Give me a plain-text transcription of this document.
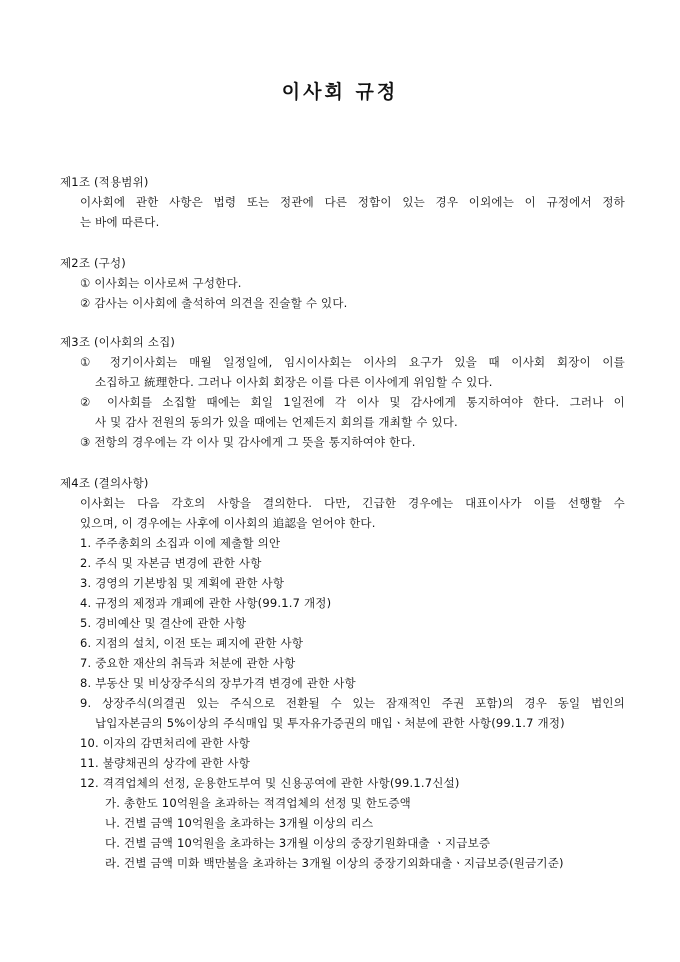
이사회 규정
제1조 (적용범위)
이사회에 관한 사항은 법령 또는 정관에 다른 정함이 있는 경우 이외에는 이 규정에서 정하
는 바에 따른다.
제2조 (구성)
① 이사회는 이사로써 구성한다.
② 감사는 이사회에 출석하여 의견을 진술할 수 있다.
제3조 (이사회의 소집)
① 정기이사회는 매월 일정일에, 임시이사회는 이사의 요구가 있을 때 이사회 회장이 이를
소집하고 統理한다. 그러나 이사회 회장은 이를 다른 이사에게 위임할 수 있다.
② 이사회를 소집할 때에는 회일 1일전에 각 이사 및 감사에게 통지하여야 한다. 그러나 이
사 및 감사 전원의 동의가 있을 때에는 언제든지 회의를 개최할 수 있다.
③ 전항의 경우에는 각 이사 및 감사에게 그 뜻을 통지하여야 한다.
제4조 (결의사항)
이사회는 다음 각호의 사항을 결의한다. 다만, 긴급한 경우에는 대표이사가 이를 선행할 수
있으며, 이 경우에는 사후에 이사회의 追認을 얻어야 한다.
1. 주주총회의 소집과 이에 제출할 의안
2. 주식 및 자본금 변경에 관한 사항
3. 경영의 기본방침 및 계획에 관한 사항
4. 규정의 제정과 개폐에 관한 사항(99.1.7 개정)
5. 경비예산 및 결산에 관한 사항
6. 지점의 설치, 이전 또는 폐지에 관한 사항
7. 중요한 재산의 취득과 처분에 관한 사항
8. 부동산 및 비상장주식의 장부가격 변경에 관한 사항
9. 상장주식(의결권 있는 주식으로 전환될 수 있는 잠재적인 주권 포함)의 경우 동일 법인의
납입자본금의 5%이상의 주식매입 및 투자유가증권의 매입ㆍ처분에 관한 사항(99.1.7 개정)
10. 이자의 감면처리에 관한 사항
11. 불량채권의 상각에 관한 사항
12. 격격업체의 선정, 운용한도부여 및 신용공여에 관한 사항(99.1.7신설)
가. 총한도 10억원을 초과하는 적격업체의 선정 및 한도증액
나. 건별 금액 10억원을 초과하는 3개월 이상의 리스
다. 건별 금액 10억원을 초과하는 3개월 이상의 중장기원화대출 ㆍ지급보증
라. 건별 금액 미화 백만불을 초과하는 3개월 이상의 중장기외화대출ㆍ지급보증(원금기준)
